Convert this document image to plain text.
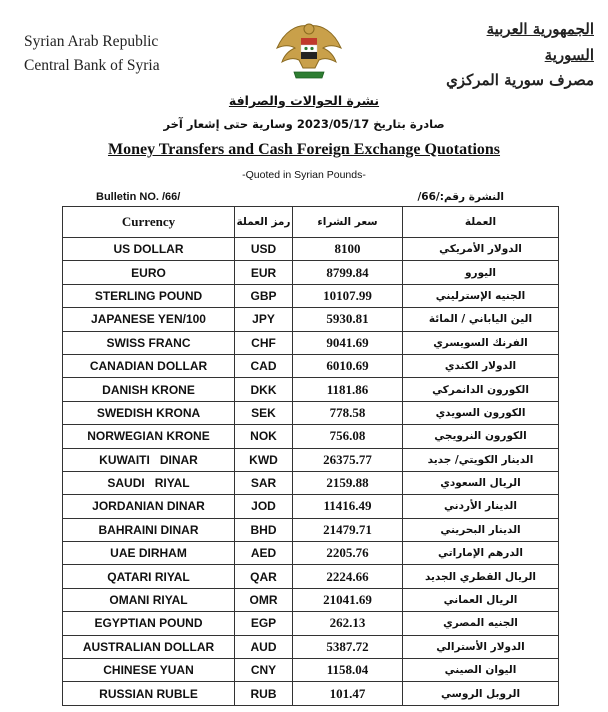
Syrian Arab Republic
Central Bank of Syria
الجمهورية العربية السورية
مصرف سورية المركزي
نشرة الحوالات والصرافة
صادرة بتاريخ 2023/05/17 وسارية حتى إشعار آخر
Money Transfers and Cash Foreign Exchange Quotations
-Quoted in Syrian Pounds-
Bulletin NO. /66/	النشرة رقم:/66/
Currency	رمز العملة	سعر الشراء	العملة
US DOLLAR	USD	8100	الدولار الأمريكي
EURO	EUR	8799.84	اليورو
STERLING POUND	GBP	10107.99	الجنيه الإسترليني
JAPANESE YEN/100	JPY	5930.81	الين الياباني / المائة
SWISS FRANC	CHF	9041.69	الفرنك السويسري
CANADIAN DOLLAR	CAD	6010.69	الدولار الكندي
DANISH KRONE	DKK	1181.86	الكورون الدانمركي
SWEDISH KRONA	SEK	778.58	الكورون السويدي
NORWEGIAN KRONE	NOK	756.08	الكورون النرويجي
KUWAITI   DINAR	KWD	26375.77	الدينار الكويتي/ جديد
SAUDI   RIYAL	SAR	2159.88	الريال السعودي
JORDANIAN DINAR	JOD	11416.49	الدينار الأردني
BAHRAINI DINAR	BHD	21479.71	الدينار البحريني
UAE DIRHAM	AED	2205.76	الدرهم الإماراتي
QATARI RIYAL	QAR	2224.66	الريال القطري الجديد
OMANI RIYAL	OMR	21041.69	الريال العماني
EGYPTIAN POUND	EGP	262.13	الجنيه المصري
AUSTRALIAN DOLLAR	AUD	5387.72	الدولار الأسترالي
CHINESE YUAN	CNY	1158.04	اليوان الصيني
RUSSIAN RUBLE	RUB	101.47	الروبل الروسي
